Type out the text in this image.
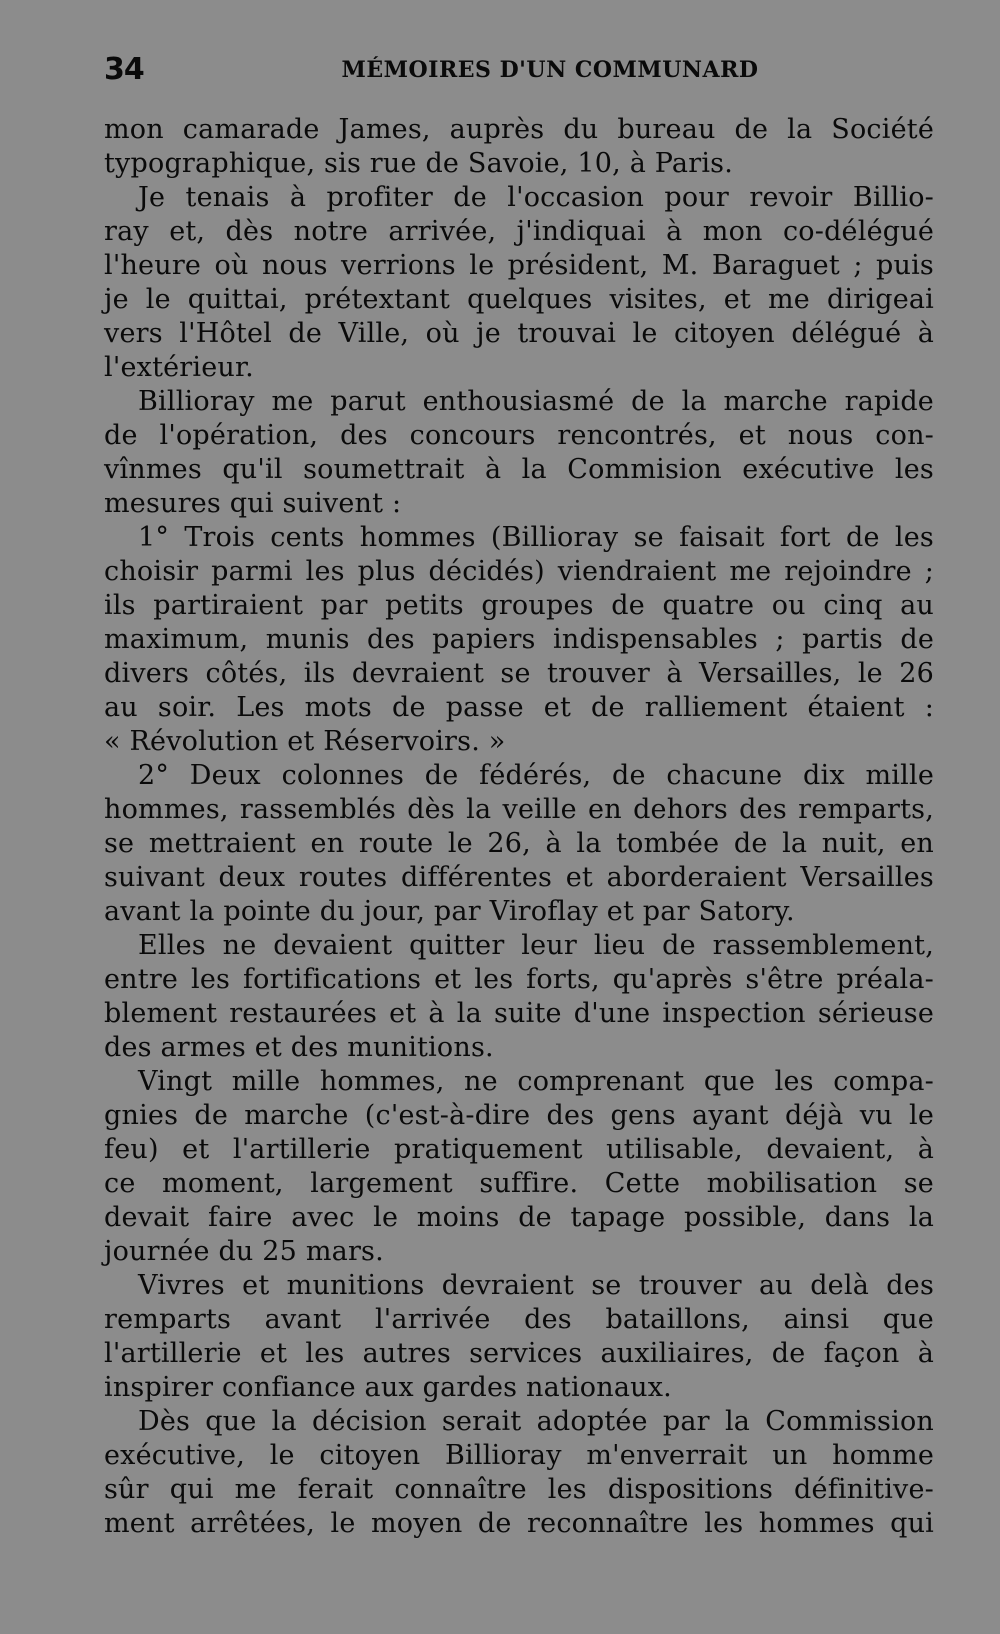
34	MÉMOIRES D'UN COMMUNARD
mon camarade James, auprès du bureau de la Société
typographique, sis rue de Savoie, 10, à Paris.
Je tenais à profiter de l'occasion pour revoir Billio-
ray et, dès notre arrivée, j'indiquai à mon co-délégué
l'heure où nous verrions le président, M. Baraguet ; puis
je le quittai, prétextant quelques visites, et me dirigeai
vers l'Hôtel de Ville, où je trouvai le citoyen délégué à
l'extérieur.
Billioray me parut enthousiasmé de la marche rapide
de l'opération, des concours rencontrés, et nous con-
vînmes qu'il soumettrait à la Commision exécutive les
mesures qui suivent :
1° Trois cents hommes (Billioray se faisait fort de les
choisir parmi les plus décidés) viendraient me rejoindre ;
ils partiraient par petits groupes de quatre ou cinq au
maximum, munis des papiers indispensables ; partis de
divers côtés, ils devraient se trouver à Versailles, le 26
au soir. Les mots de passe et de ralliement étaient :
« Révolution et Réservoirs. »
2° Deux colonnes de fédérés, de chacune dix mille
hommes, rassemblés dès la veille en dehors des remparts,
se mettraient en route le 26, à la tombée de la nuit, en
suivant deux routes différentes et aborderaient Versailles
avant la pointe du jour, par Viroflay et par Satory.
Elles ne devaient quitter leur lieu de rassemblement,
entre les fortifications et les forts, qu'après s'être préala-
blement restaurées et à la suite d'une inspection sérieuse
des armes et des munitions.
Vingt mille hommes, ne comprenant que les compa-
gnies de marche (c'est-à-dire des gens ayant déjà vu le
feu) et l'artillerie pratiquement utilisable, devaient, à
ce moment, largement suffire. Cette mobilisation se
devait faire avec le moins de tapage possible, dans la
journée du 25 mars.
Vivres et munitions devraient se trouver au delà des
remparts avant l'arrivée des bataillons, ainsi que
l'artillerie et les autres services auxiliaires, de façon à
inspirer confiance aux gardes nationaux.
Dès que la décision serait adoptée par la Commission
exécutive, le citoyen Billioray m'enverrait un homme
sûr qui me ferait connaître les dispositions définitive-
ment arrêtées, le moyen de reconnaître les hommes qui
